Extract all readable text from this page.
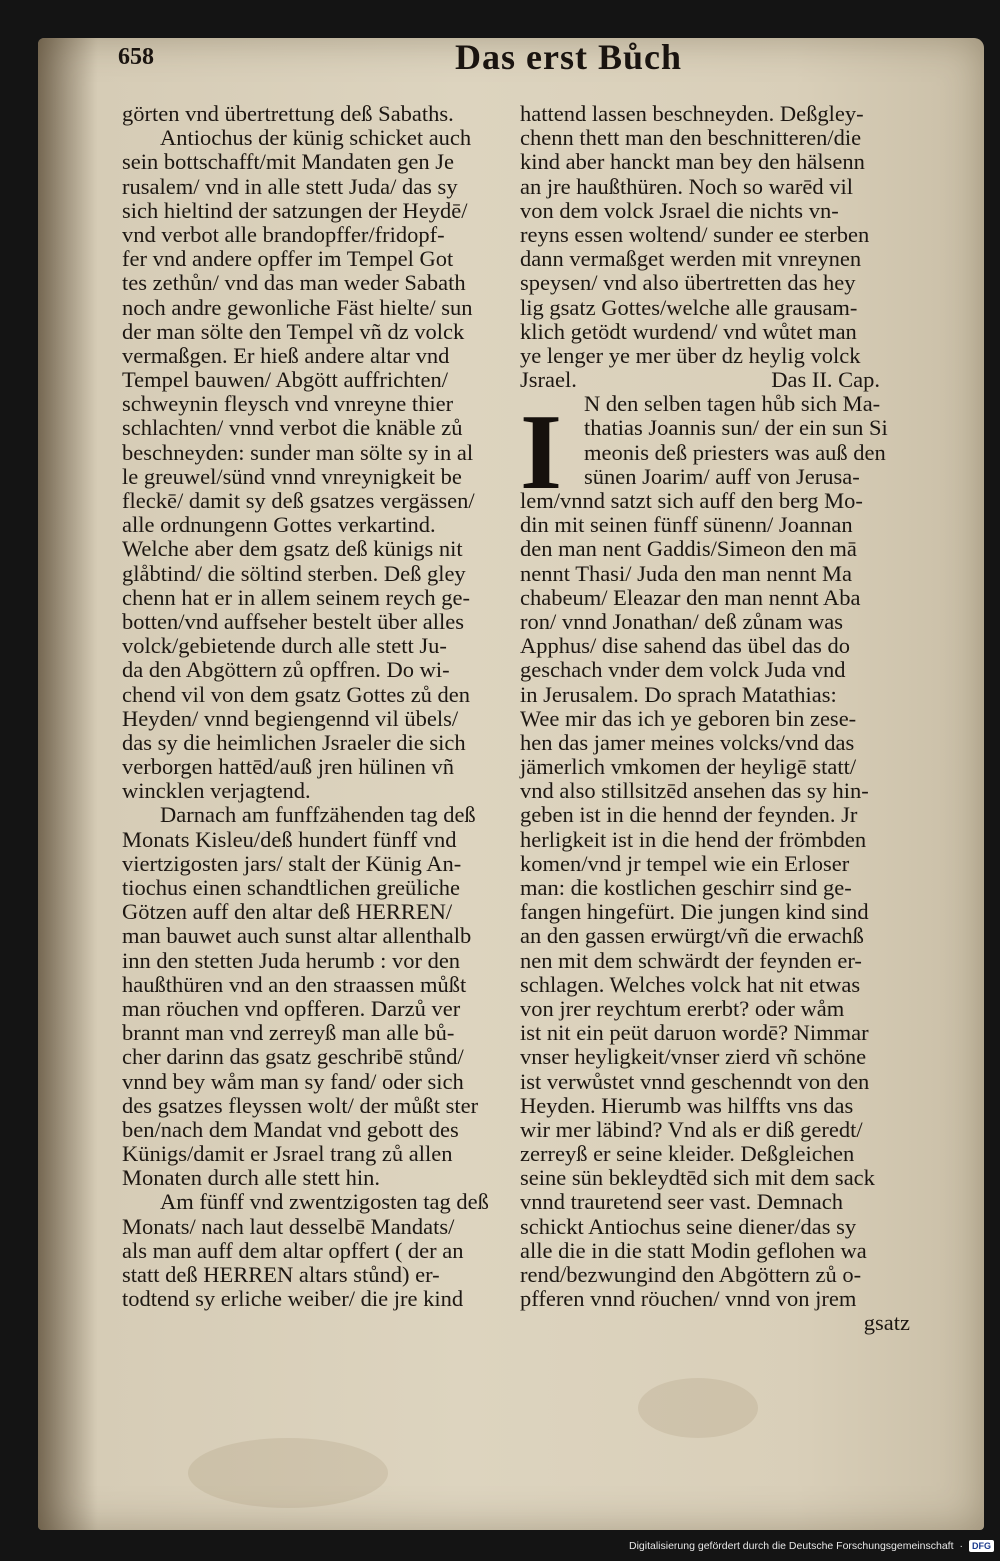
658	Das erst Bůch
görten vnd übertrettung deß Sabaths.
Antiochus der künig schicket auch
sein bottschafft/mit Mandaten gen Je
rusalem/ vnd in alle stett Juda/ das sy
sich hieltind der satzungen der Heydē/
vnd verbot alle brandopffer/fridopf-
fer vnd andere opffer im Tempel Got
tes zethůn/ vnd das man weder Sabath
noch andre gewonliche Fäst hielte/ sun
der man sölte den Tempel vñ dz volck
vermaßgen. Er hieß andere altar vnd
Tempel bauwen/ Abgött auffrichten/
schweynin fleysch vnd vnreyne thier
schlachten/ vnnd verbot die knäble zů
beschneyden: sunder man sölte sy in al
le greuwel/sünd vnnd vnreynigkeit be
fleckē/ damit sy deß gsatzes vergässen/
alle ordnungenn Gottes verkartind.
Welche aber dem gsatz deß künigs nit
glåbtind/ die söltind sterben. Deß gley
chenn hat er in allem seinem reych ge-
botten/vnd auffseher bestelt über alles
volck/gebietende durch alle stett Ju-
da den Abgöttern zů opffren. Do wi-
chend vil von dem gsatz Gottes zů den
Heyden/ vnnd begiengennd vil übels/
das sy die heimlichen Jsraeler die sich
verborgen hattēd/auß jren hülinen vñ
wincklen verjagtend.
Darnach am funffzähenden tag deß
Monats Kisleu/deß hundert fünff vnd
viertzigosten jars/ stalt der Künig An-
tiochus einen schandtlichen greüliche
Götzen auff den altar deß HERREN/
man bauwet auch sunst altar allenthalb
inn den stetten Juda herumb : vor den
haußthüren vnd an den straassen můßt
man röuchen vnd opfferen. Darzů ver
brannt man vnd zerreyß man alle bů-
cher darinn das gsatz geschribē stůnd/
vnnd bey wåm man sy fand/ oder sich
des gsatzes fleyssen wolt/ der můßt ster
ben/nach dem Mandat vnd gebott des
Künigs/damit er Jsrael trang zů allen
Monaten durch alle stett hin.
Am fünff vnd zwentzigosten tag deß
Monats/ nach laut desselbē Mandats/
als man auff dem altar opffert ( der an
statt deß HERREN altars stůnd) er-
todtend sy erliche weiber/ die jre kind
hattend lassen beschneyden. Deßgley-
chenn thett man den beschnitteren/die
kind aber hanckt man bey den hälsenn
an jre haußthüren. Noch so warēd vil
von dem volck Jsrael die nichts vn-
reyns essen woltend/ sunder ee sterben
dann vermaßget werden mit vnreynen
speysen/ vnd also übertretten das hey
lig gsatz Gottes/welche alle grausam-
klich getödt wurdend/ vnd wůtet man
ye lenger ye mer über dz heylig volck
Jsrael.	Das II. Cap.
N den selben tagen hůb sich Ma-
thatias Joannis sun/ der ein sun Si
meonis deß priesters was auß den
sünen Joarim/ auff von Jerusa-
lem/vnnd satzt sich auff den berg Mo-
din mit seinen fünff sünenn/ Joannan
den man nent Gaddis/Simeon den mā
nennt Thasi/ Juda den man nennt Ma
chabeum/ Eleazar den man nennt Aba
ron/ vnnd Jonathan/ deß zůnam was
Apphus/ dise sahend das übel das do
geschach vnder dem volck Juda vnd
in Jerusalem. Do sprach Matathias:
Wee mir das ich ye geboren bin zese-
hen das jamer meines volcks/vnd das
jämerlich vmkomen der heyligē statt/
vnd also stillsitzēd ansehen das sy hin-
geben ist in die hennd der feynden. Jr
herligkeit ist in die hend der frömbden
komen/vnd jr tempel wie ein Erloser
man: die kostlichen geschirr sind ge-
fangen hingefürt. Die jungen kind sind
an den gassen erwürgt/vñ die erwachß
nen mit dem schwärdt der feynden er-
schlagen. Welches volck hat nit etwas
von jrer reychtum ererbt? oder wåm
ist nit ein peüt daruon wordē? Nimmar
vnser heyligkeit/vnser zierd vñ schöne
ist verwůstet vnnd geschenndt von den
Heyden. Hierumb was hilffts vns das
wir mer läbind? Vnd als er diß geredt/
zerreyß er seine kleider. Deßgleichen
seine sün bekleydtēd sich mit dem sack
vnnd trauretend seer vast. Demnach
schickt Antiochus seine diener/das sy
alle die in die statt Modin geflohen wa
rend/bezwungind den Abgöttern zů o-
pfferen vnnd röuchen/ vnnd von jrem
gsatz
I
Digitalisierung gefördert durch die Deutsche Forschungsgemeinschaft ·	DFG
